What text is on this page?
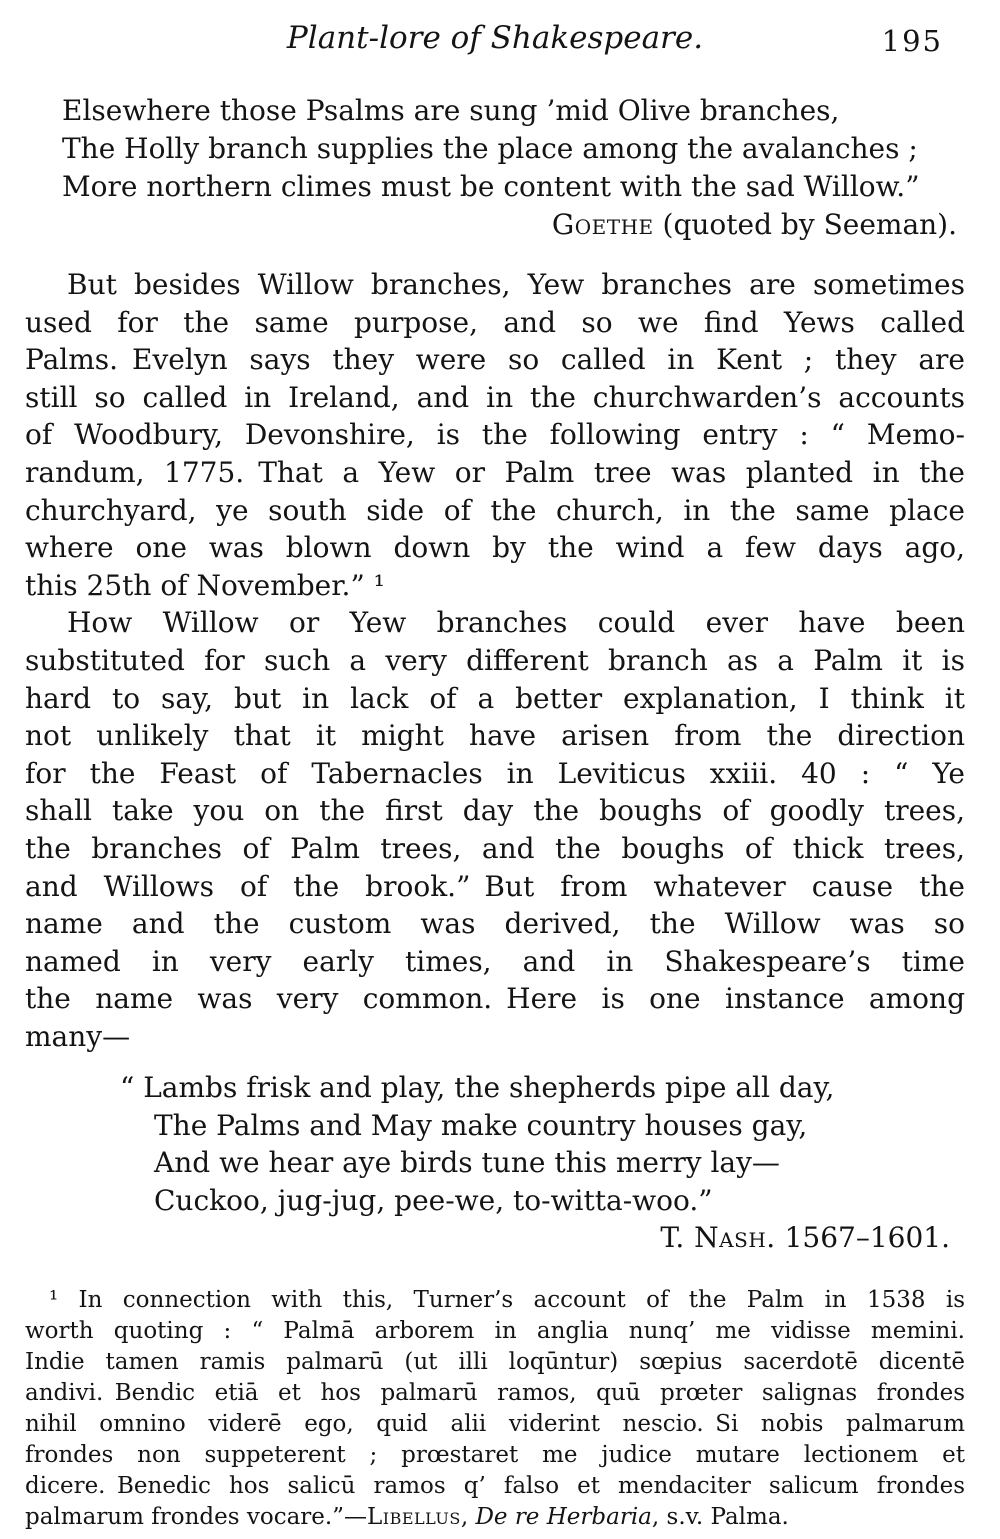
Plant-lore of Shakespeare.	195
Elsewhere those Psalms are sung ’mid Olive branches,
The Holly branch supplies the place among the avalanches ;
More northern climes must be content with the sad Willow.”
Goethe (quoted by Seeman).
But besides Willow branches, Yew branches are sometimes
used for the same purpose, and so we find Yews called
Palms. Evelyn says they were so called in Kent ; they are
still so called in Ireland, and in the churchwarden’s accounts
of Woodbury, Devonshire, is the following entry : “ Memo-
randum, 1775. That a Yew or Palm tree was planted in the
churchyard, ye south side of the church, in the same place
where one was blown down by the wind a few days ago,
this 25th of November.” ¹
How Willow or Yew branches could ever have been
substituted for such a very different branch as a Palm it is
hard to say, but in lack of a better explanation, I think it
not unlikely that it might have arisen from the direction
for the Feast of Tabernacles in Leviticus xxiii. 40 : “ Ye
shall take you on the first day the boughs of goodly trees,
the branches of Palm trees, and the boughs of thick trees,
and Willows of the brook.” But from whatever cause the
name and the custom was derived, the Willow was so
named in very early times, and in Shakespeare’s time
the name was very common. Here is one instance among
many—
“ Lambs frisk and play, the shepherds pipe all day,
The Palms and May make country houses gay,
And we hear aye birds tune this merry lay—
Cuckoo, jug-jug, pee-we, to-witta-woo.”
T. Nash. 1567–1601.
¹ In connection with this, Turner’s account of the Palm in 1538 is
worth quoting : “ Palmā arborem in anglia nunq’ me vidisse memini.
Indie tamen ramis palmarū (ut illi loqūntur) sœpius sacerdotē dicentē
andivi. Bendic etiā et hos palmarū ramos, quū prœter salignas frondes
nihil omnino viderē ego, quid alii viderint nescio. Si nobis palmarum
frondes non suppeterent ; prœstaret me judice mutare lectionem et
dicere. Benedic hos salicū ramos q’ falso et mendaciter salicum frondes
palmarum frondes vocare.”—Libellus, De re Herbaria, s.v. Palma.
